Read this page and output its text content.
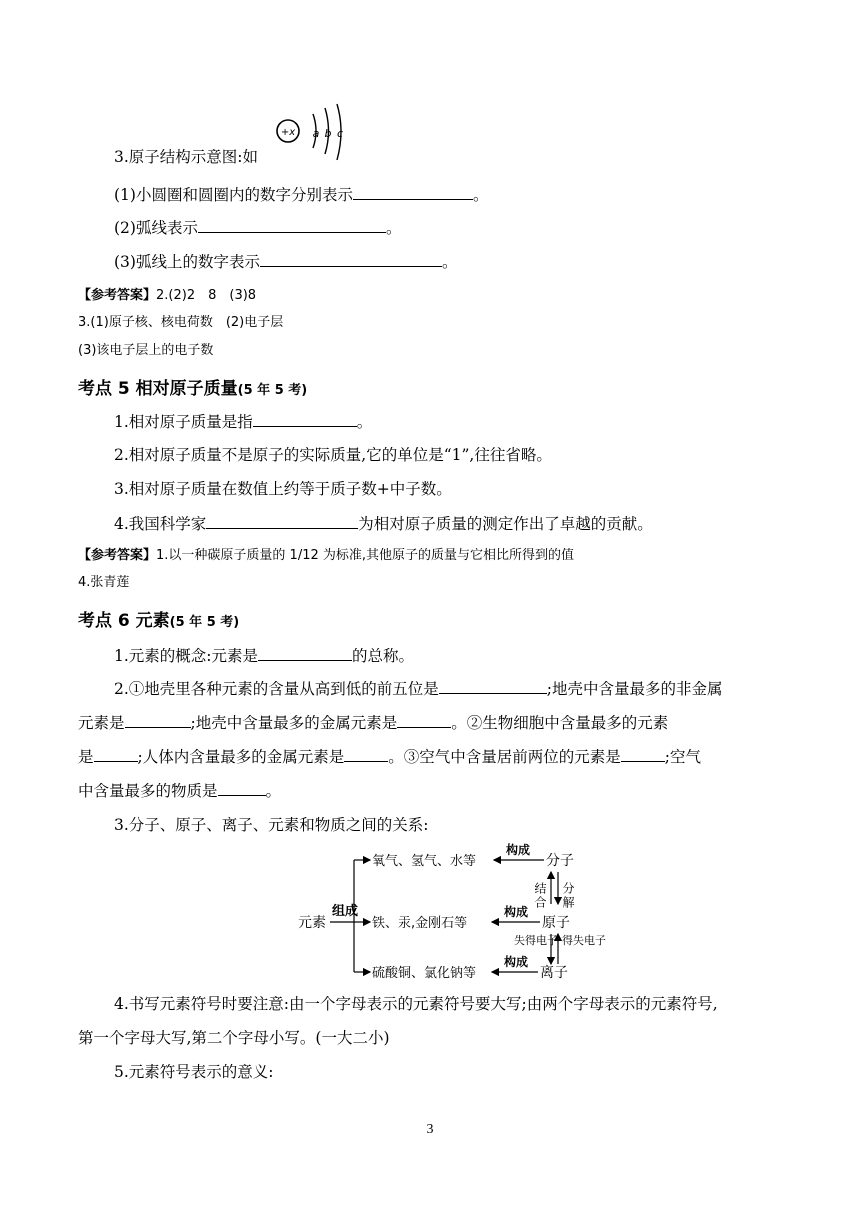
+x a b c
3.原子结构示意图:如
(1)小圆圈和圆圈内的数字分别表示	。
(2)弧线表示	。
(3)弧线上的数字表示	。
【参考答案】2.(2)2　8　(3)8
3.(1)原子核、核电荷数　(2)电子层
(3)该电子层上的电子数
考点 5 相对原子质量(5 年 5 考)
1.相对原子质量是指	。
2.相对原子质量不是原子的实际质量,它的单位是“1”,往往省略。
3.相对原子质量在数值上约等于质子数+中子数。
4.我国科学家	为相对原子质量的测定作出了卓越的贡献。
【参考答案】1.以一种碳原子质量的 1/12 为标准,其他原子的质量与它相比所得到的值
4.张青莲
考点 6 元素(5 年 5 考)
1.元素的概念:元素是	的总称。
2.①地壳里各种元素的含量从高到低的前五位是	;地壳中含量最多的非金属
元素是	;地壳中含量最多的金属元素是	。②生物细胞中含量最多的元素
是	;人体内含量最多的金属元素是	。③空气中含量居前两位的元素是	;空气
中含量最多的物质是	。
3.分子、原子、离子、元素和物质之间的关系:
元素
组成
氧气、氢气、水等
铁、汞,金刚石等
硫酸铜、氯化钠等
构成
构成
构成
分子
原子
离子
结合 分解
失得电子 得失电子
4.书写元素符号时要注意:由一个字母表示的元素符号要大写;由两个字母表示的元素符号,
第一个字母大写,第二个字母小写。(一大二小)
5.元素符号表示的意义:
3
